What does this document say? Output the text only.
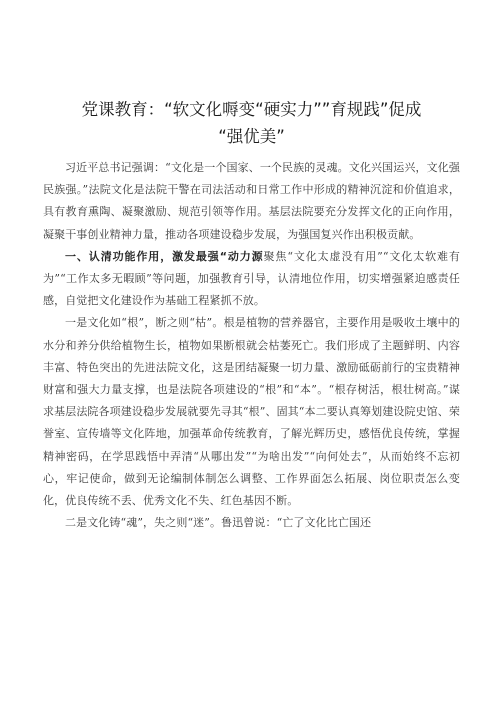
党课教育：“软文化嗕变“硬实力””育规践”促成
“强优美”

习近平总书记强调：“文化是一个国家、一个民族的灵魂。文化兴国运兴，文化强民族强。”法院文化是法院干警在司法活动和日常工作中形成的精神沉淀和价值追求，具有教育熏陶、凝聚激励、规范引领等作用。基层法院要充分发挥文化的正向作用，凝聚干事创业精神力量，推动各项建设稳步发展，为强国复兴作出积极贡献。

一、认清功能作用，激发最强“动力源聚焦“文化太虚没有用”“文化太软难有为”“工作太多无暇顾”等问题，加强教育引导，认清地位作用，切实增强紧迫感责任感，自觉把文化建设作为基础工程紧抓不放。

一是文化如“根”，断之则“枯”。根是植物的营养器官，主要作用是吸收土壤中的水分和养分供给植物生长，植物如果断根就会枯萎死亡。我们形成了主题鲜明、内容丰富、特色突出的先进法院文化，这是团结凝聚一切力量、激励砥砺前行的宝贵精神财富和强大力量支撑，也是法院各项建设的“根”和“本”。“根存树活，根壮树高。”谋求基层法院各项建设稳步发展就要先寻其“根”、固其“本二要认真筹划建设院史馆、荣誉室、宣传墙等文化阵地，加强革命传统教育，了解光辉历史，感悟优良传统，掌握精神密码，在学思践悟中弄清“从哪出发”“为啥出发”“向何处去”，从而始终不忘初心，牢记使命，做到无论编制体制怎么调整、工作界面怎么拓展、岗位职责怎么变化，优良传统不丢、优秀文化不失、红色基因不断。

二是文化铸“魂”，失之则“迷”。鲁迅曾说：“亡了文化比亡国还
